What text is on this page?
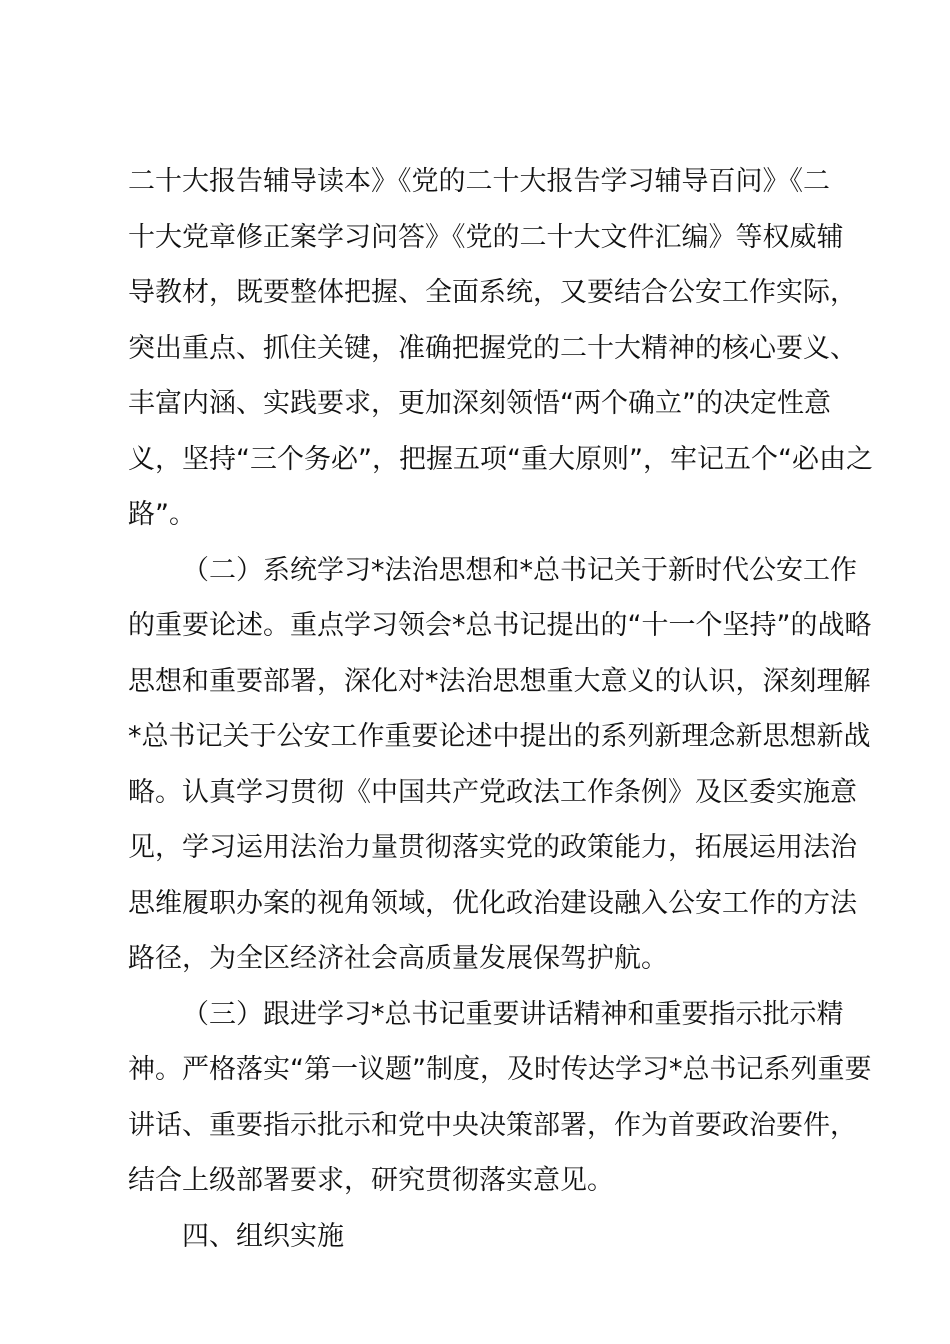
二十大报告辅导读本》《党的二十大报告学习辅导百问》《二
十大党章修正案学习问答》《党的二十大文件汇编》等权威辅
导教材，既要整体把握、全面系统，又要结合公安工作实际，
突出重点、抓住关键，准确把握党的二十大精神的核心要义、
丰富内涵、实践要求，更加深刻领悟“两个确立”的决定性意
义，坚持“三个务必”，把握五项“重大原则”，牢记五个“必由之
路”。
（二）系统学习*法治思想和*总书记关于新时代公安工作
的重要论述。重点学习领会*总书记提出的“十一个坚持”的战略
思想和重要部署，深化对*法治思想重大意义的认识，深刻理解
*总书记关于公安工作重要论述中提出的系列新理念新思想新战
略。认真学习贯彻《中国共产党政法工作条例》及区委实施意
见，学习运用法治力量贯彻落实党的政策能力，拓展运用法治
思维履职办案的视角领域，优化政治建设融入公安工作的方法
路径，为全区经济社会高质量发展保驾护航。
（三）跟进学习*总书记重要讲话精神和重要指示批示精
神。严格落实“第一议题”制度，及时传达学习*总书记系列重要
讲话、重要指示批示和党中央决策部署，作为首要政治要件，
结合上级部署要求，研究贯彻落实意见。
四、组织实施
